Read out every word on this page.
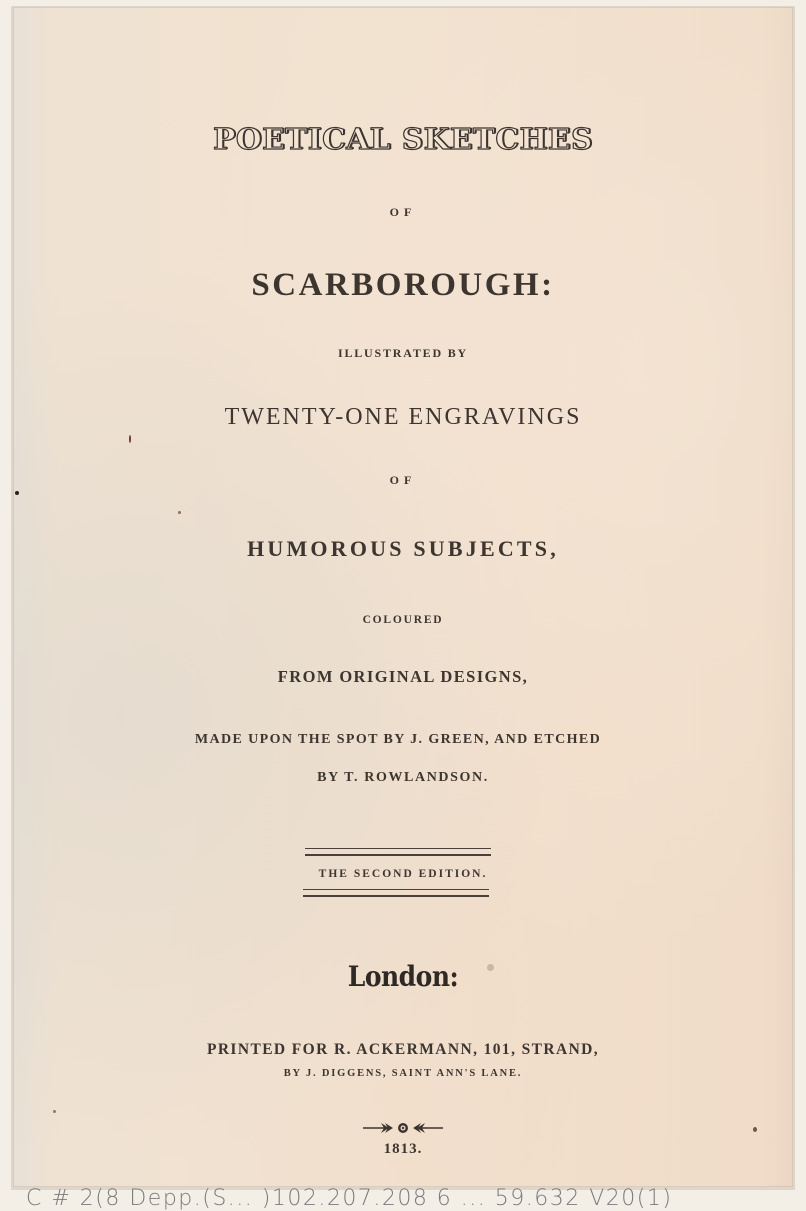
POETICAL SKETCHES
OF
SCARBOROUGH:
ILLUSTRATED BY
TWENTY-ONE ENGRAVINGS
OF
HUMOROUS SUBJECTS,
COLOURED
FROM ORIGINAL DESIGNS,
MADE UPON THE SPOT BY J. GREEN, AND ETCHED
BY T. ROWLANDSON.
THE SECOND EDITION.
London:
PRINTED FOR R. ACKERMANN, 101, STRAND,
BY J. DIGGENS, SAINT ANN'S LANE.
1813.
C # 2(8 Depp.(S... )102.207.208 6 ... 59.632 V20(1)
